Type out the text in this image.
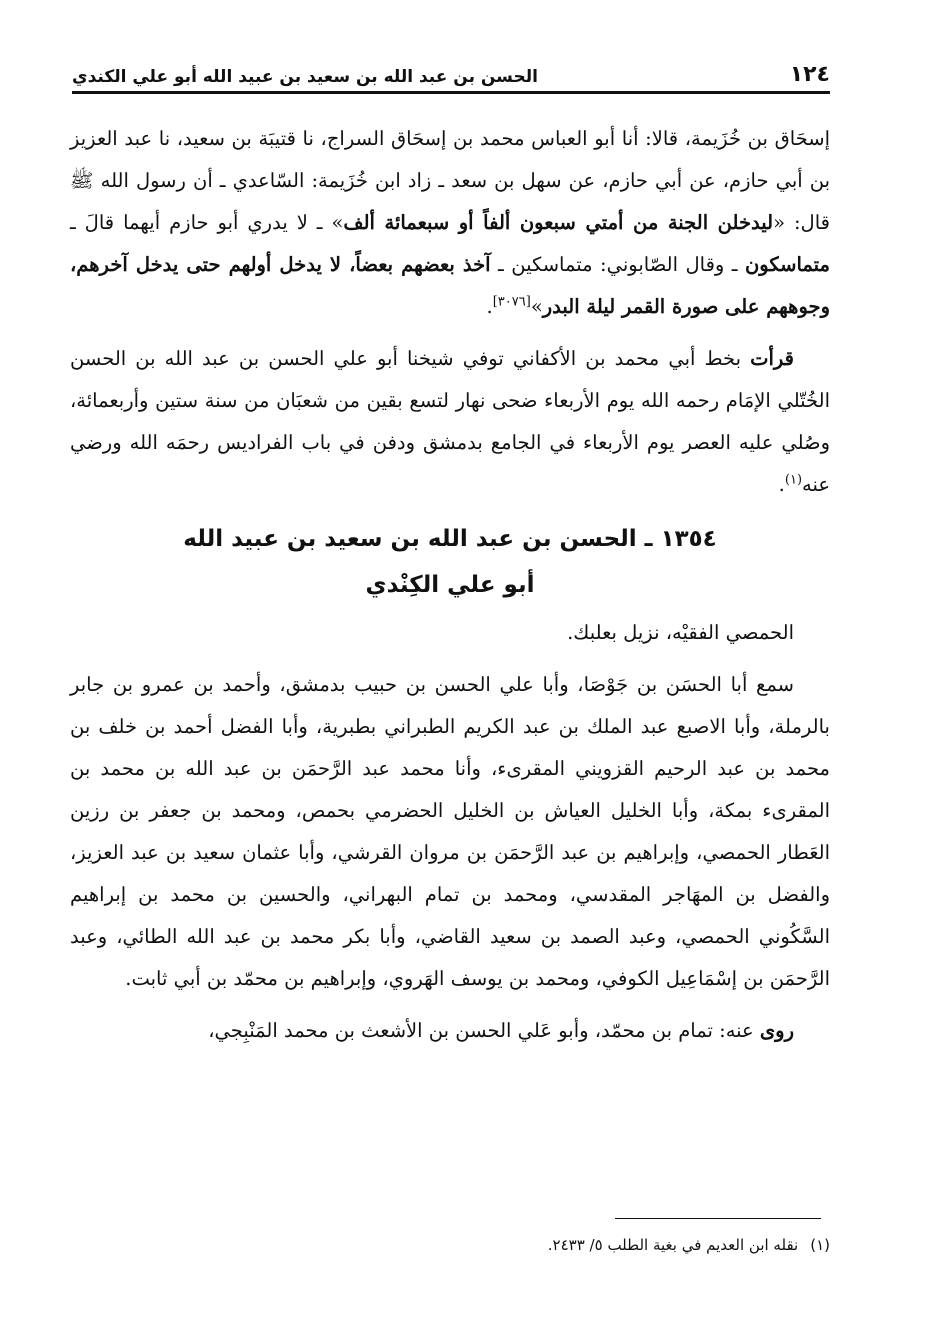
١٢٤
الحسن بن عبد الله بن سعيد بن عبيد الله أبو علي الكندي

إسحَاق بن خُزَيمة، قالا: أنا أبو العباس محمد بن إسحَاق السراج، نا قتيبَة بن سعيد، نا عبد العزيز بن أبي حازم، عن أبي حازم، عن سهل بن سعد ـ زاد ابن خُزَيمة: السّاعدي ـ أن رسول الله ﷺ قال: «ليدخلن الجنة من أمتي سبعون ألفاً أو سبعمائة ألف» ـ لا يدري أبو حازم أيهما قالَ ـ متماسكون ـ وقال الصّابوني: متماسكين ـ آخذ بعضهم بعضاً، لا يدخل أولهم حتى يدخل آخرهم، وجوههم على صورة القمر ليلة البدر»[٣٠٧٦].

قرأت بخط أبي محمد بن الأكفاني توفي شيخنا أبو علي الحسن بن عبد الله بن الحسن الخُتّلي الإمَام رحمه الله يوم الأربعاء ضحى نهار لتسع بقين من شعبَان من سنة ستين وأربعمائة، وصُلي عليه العصر يوم الأربعاء في الجامع بدمشق ودفن في باب الفراديس رحمَه الله ورضي عنه$^{(١)}$.

١٣٥٤ ـ الحسن بن عبد الله بن سعيد بن عبيد الله
أبو علي الكِنْدي

الحمصي الفقيْه، نزيل بعلبك.

سمع أبا الحسَن بن جَوْصَا، وأبا علي الحسن بن حبيب بدمشق، وأحمد بن عمرو بن جابر بالرملة، وأبا الاصبع عبد الملك بن عبد الكريم الطبراني بطبرية، وأبا الفضل أحمد بن خلف بن محمد بن عبد الرحيم القزويني المقرىء، وأنا محمد عبد الرَّحمَن بن عبد الله بن محمد بن المقرىء بمكة، وأبا الخليل العياش بن الخليل الحضرمي بحمص، ومحمد بن جعفر بن رزين العَطار الحمصي، وإبراهيم بن عبد الرَّحمَن بن مروان القرشي، وأبا عثمان سعيد بن عبد العزيز، والفضل بن المهَاجر المقدسي، ومحمد بن تمام البهراني، والحسين بن محمد بن إبراهيم السَّكُوني الحمصي، وعبد الصمد بن سعيد القاضي، وأبا بكر محمد بن عبد الله الطائي، وعبد الرَّحمَن بن إسْمَاعِيل الكوفي، ومحمد بن يوسف الهَروي، وإبراهيم بن محمّد بن أبي ثابت.

روى عنه: تمام بن محمّد، وأبو عَلي الحسن بن الأشعث بن محمد المَنْبِجي،

(١)نقله ابن العديم في بغية الطلب ٥/ ٢٤٣٣.
